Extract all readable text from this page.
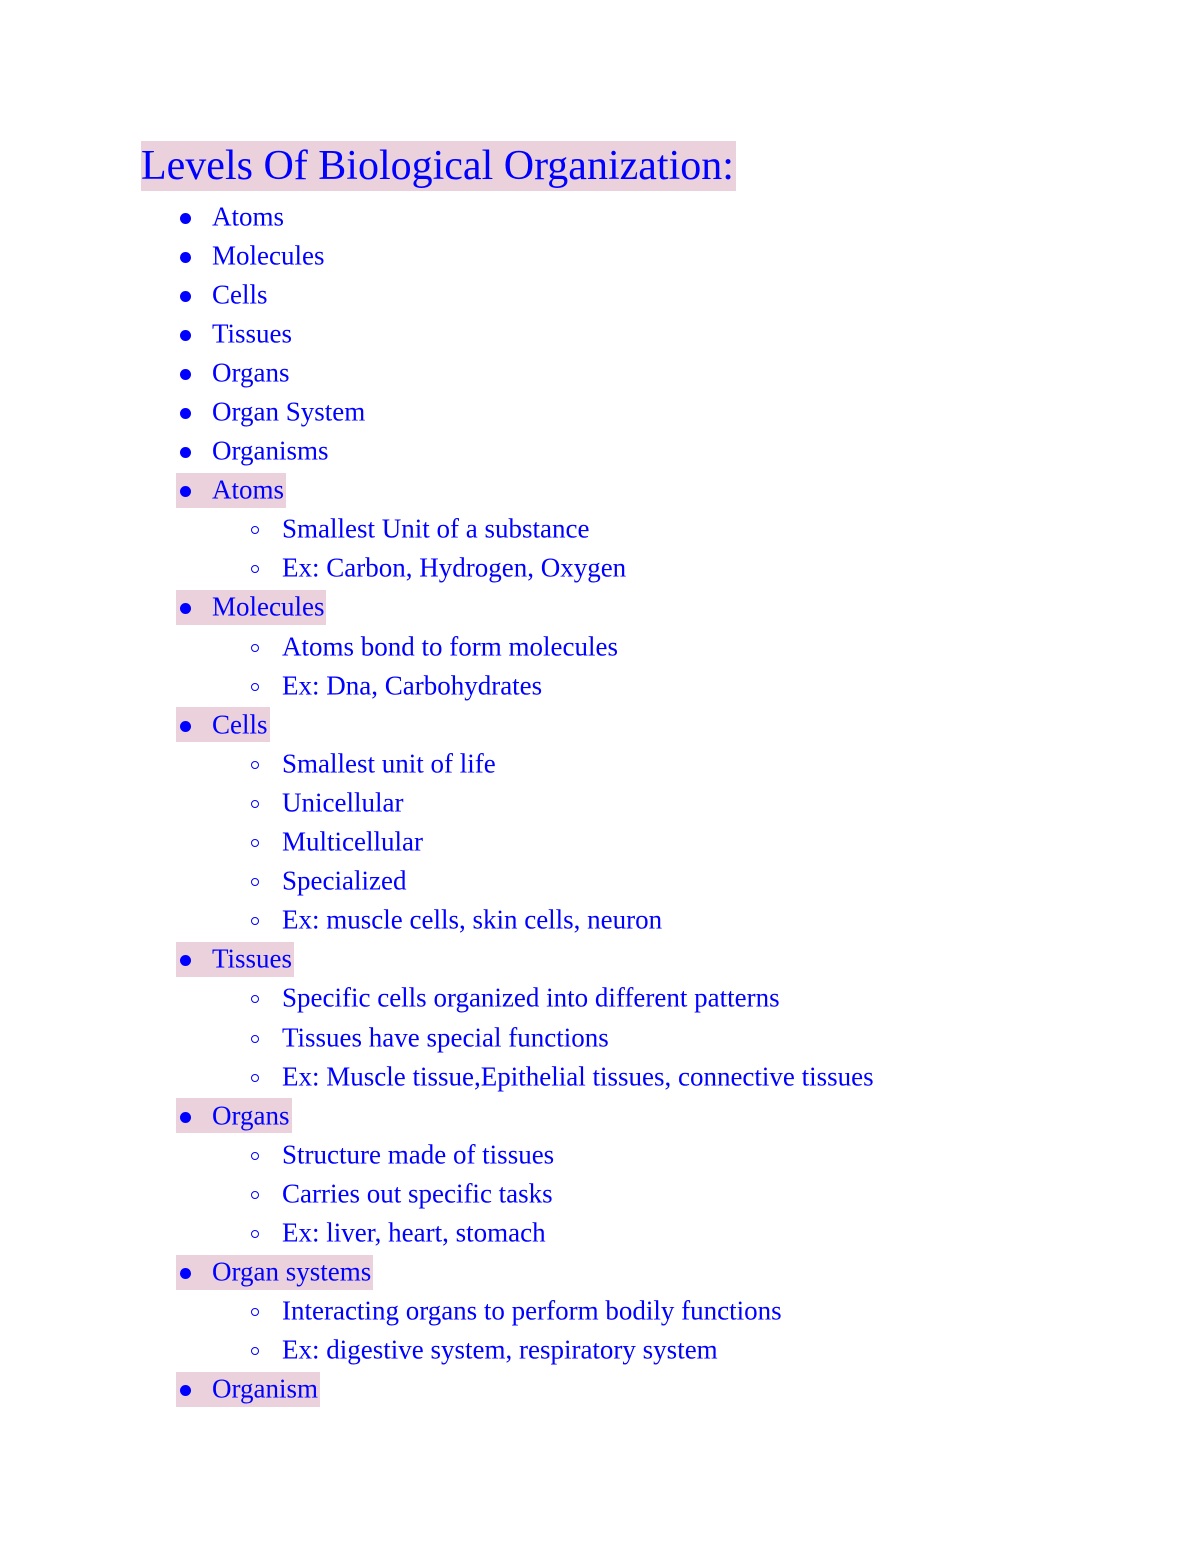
Levels Of Biological Organization:
Atoms
Molecules
Cells
Tissues
Organs
Organ System
Organisms
Atoms
Smallest Unit of a substance
Ex: Carbon, Hydrogen, Oxygen
Molecules
Atoms bond to form molecules
Ex: Dna, Carbohydrates
Cells
Smallest unit of life
Unicellular
Multicellular
Specialized
Ex: muscle cells, skin cells, neuron
Tissues
Specific cells organized into different patterns
Tissues have special functions
Ex: Muscle tissue,Epithelial tissues, connective tissues
Organs
Structure made of tissues
Carries out specific tasks
Ex: liver, heart, stomach
Organ systems
Interacting organs to perform bodily functions
Ex: digestive system, respiratory system
Organism
